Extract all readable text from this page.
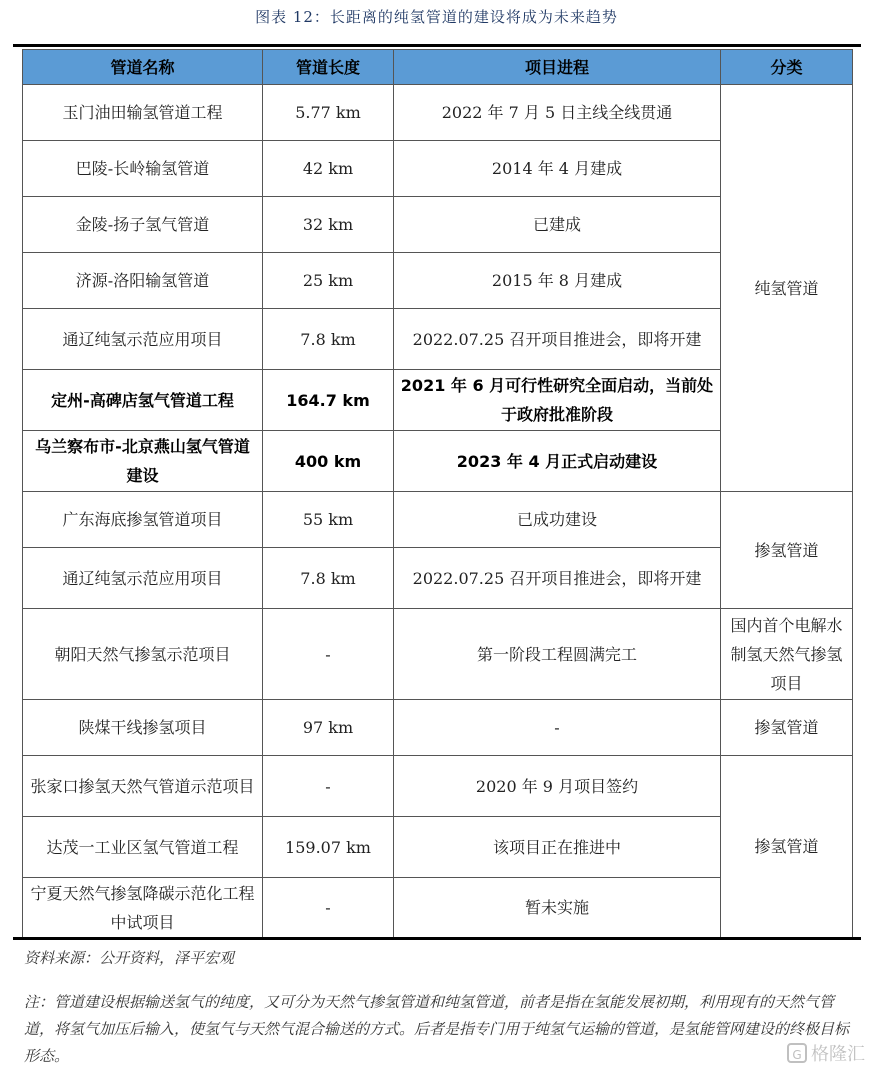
图表 12：长距离的纯氢管道的建设将成为未来趋势
管道名称	管道长度	项目进程	分类
玉门油田输氢管道工程	5.77 km	2022 年 7 月 5 日主线全线贯通	纯氢管道
巴陵-长岭输氢管道	42 km	2014 年 4 月建成	
金陵-扬子氢气管道	32 km	已建成	
济源-洛阳输氢管道	25 km	2015 年 8 月建成	
通辽纯氢示范应用项目	7.8 km	2022.07.25 召开项目推进会，即将开建	
定州-高碑店氢气管道工程	164.7 km	2021 年 6 月可行性研究全面启动，当前处于政府批准阶段	
乌兰察布市-北京燕山氢气管道建设	400 km	2023 年 4 月正式启动建设	
广东海底掺氢管道项目	55 km	已成功建设	掺氢管道
通辽纯氢示范应用项目	7.8 km	2022.07.25 召开项目推进会，即将开建	
朝阳天然气掺氢示范项目	-	第一阶段工程圆满完工	国内首个电解水制氢天然气掺氢项目
陕煤干线掺氢项目	97 km	-	掺氢管道
张家口掺氢天然气管道示范项目	-	2020 年 9 月项目签约	掺氢管道
达茂一工业区氢气管道工程	159.07 km	该项目正在推进中	
宁夏天然气掺氢降碳示范化工程中试项目	-	暂未实施	
资料来源：公开资料，泽平宏观
注：管道建设根据输送氢气的纯度，又可分为天然气掺氢管道和纯氢管道，前者是指在氢能发展初期，利用现有的天然气管道，将氢气加压后输入，使氢气与天然气混合输送的方式。后者是指专门用于纯氢气运输的管道，是氢能管网建设的终极目标形态。	G 格隆汇
